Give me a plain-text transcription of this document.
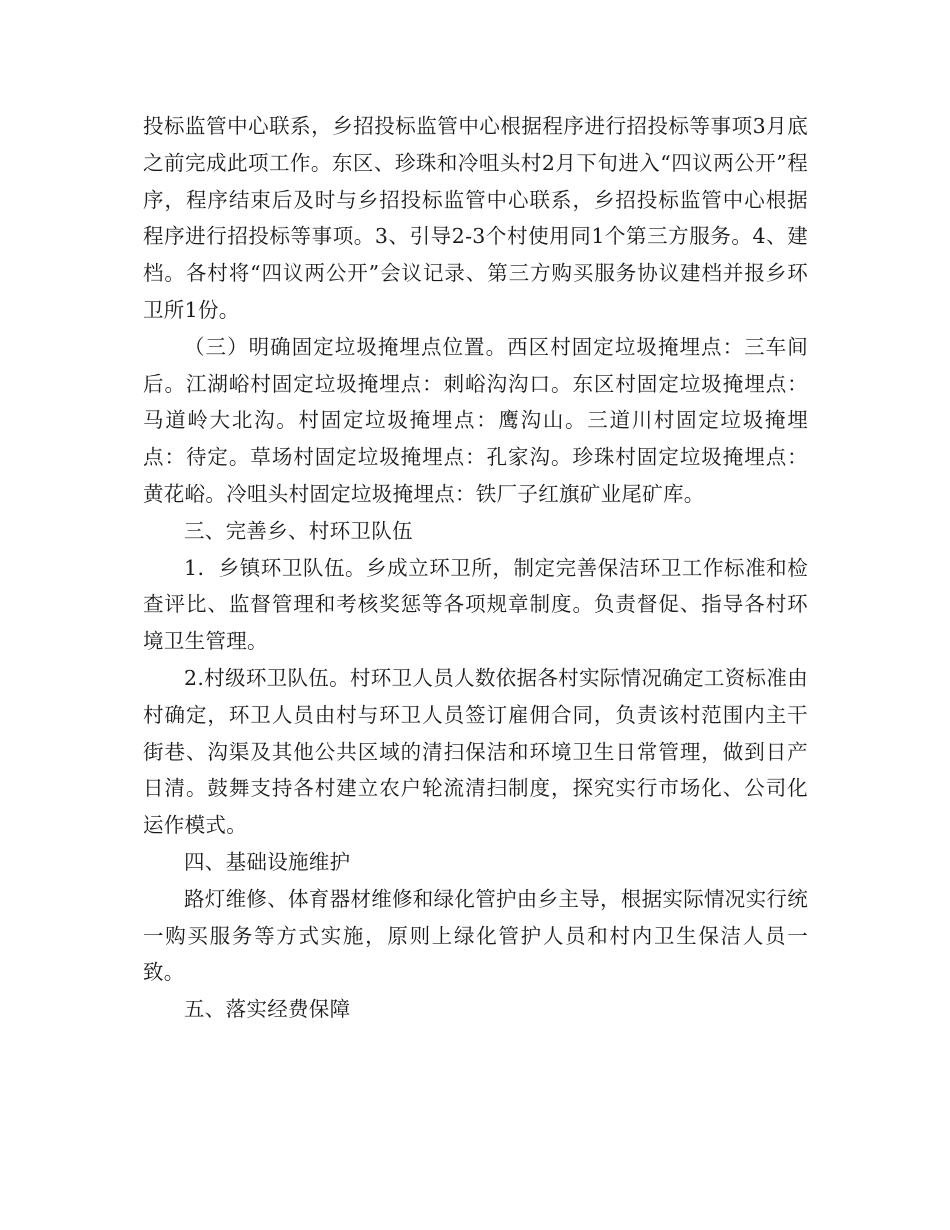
投标监管中心联系，乡招投标监管中心根据程序进行招投标等事项3月底之前完成此项工作。东区、珍珠和冷咀头村2月下旬进入“四议两公开”程序，程序结束后及时与乡招投标监管中心联系，乡招投标监管中心根据程序进行招投标等事项。3、引导2-3个村使用同1个第三方服务。4、建档。各村将“四议两公开”会议记录、第三方购买服务协议建档并报乡环卫所1份。

（三）明确固定垃圾掩埋点位置。西区村固定垃圾掩埋点：三车间后。江湖峪村固定垃圾掩埋点：刺峪沟沟口。东区村固定垃圾掩埋点：马道岭大北沟。村固定垃圾掩埋点：鹰沟山。三道川村固定垃圾掩埋点：待定。草场村固定垃圾掩埋点：孔家沟。珍珠村固定垃圾掩埋点：黄花峪。冷咀头村固定垃圾掩埋点：铁厂子红旗矿业尾矿库。

三、完善乡、村环卫队伍

1．乡镇环卫队伍。乡成立环卫所，制定完善保洁环卫工作标准和检查评比、监督管理和考核奖惩等各项规章制度。负责督促、指导各村环境卫生管理。

2.村级环卫队伍。村环卫人员人数依据各村实际情况确定工资标准由村确定，环卫人员由村与环卫人员签订雇佣合同，负责该村范围内主干街巷、沟渠及其他公共区域的清扫保洁和环境卫生日常管理，做到日产日清。鼓舞支持各村建立农户轮流清扫制度，探究实行市场化、公司化运作模式。

四、基础设施维护

路灯维修、体育器材维修和绿化管护由乡主导，根据实际情况实行统一购买服务等方式实施，原则上绿化管护人员和村内卫生保洁人员一致。

五、落实经费保障
